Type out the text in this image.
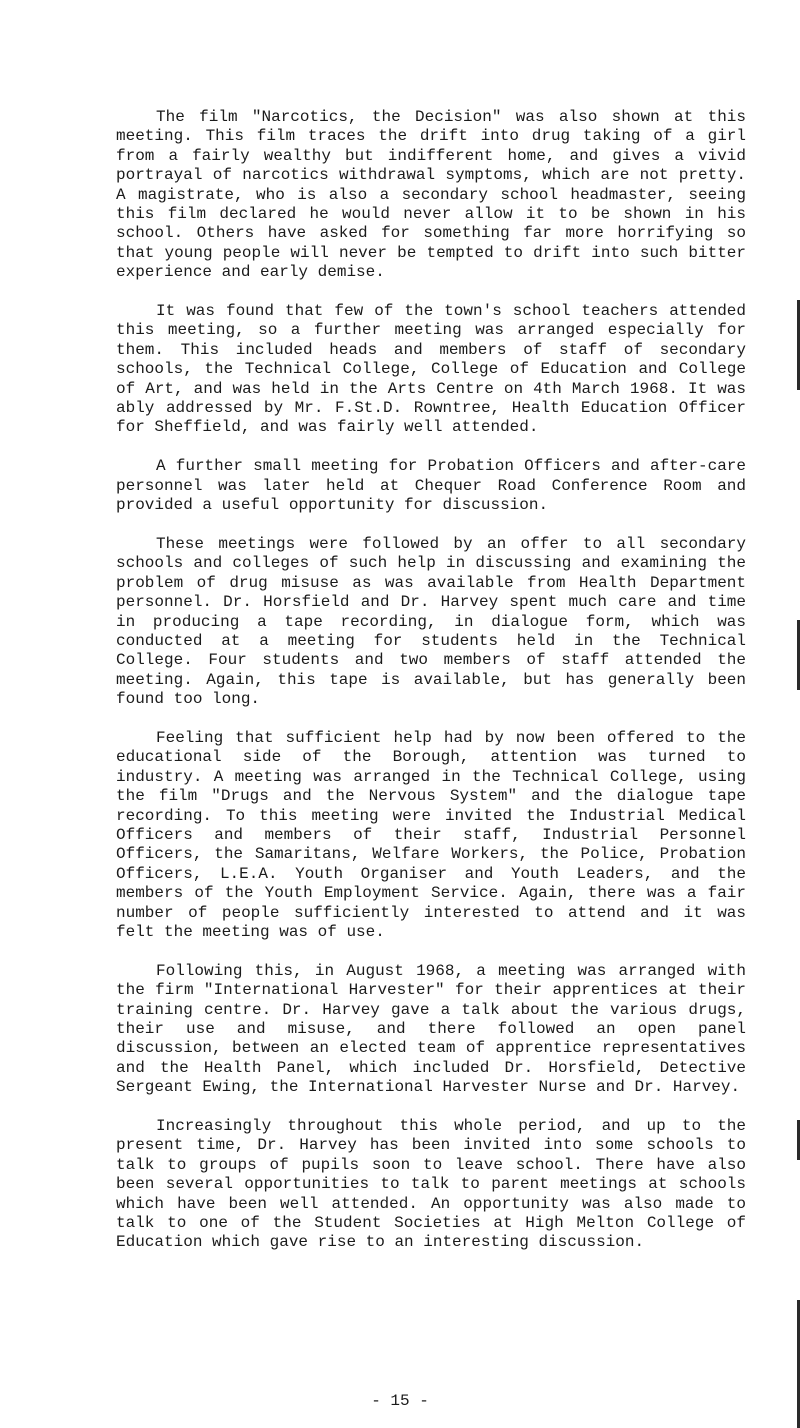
The film "Narcotics, the Decision" was also shown at this meeting. This film traces the drift into drug taking of a girl from a fairly wealthy but indifferent home, and gives a vivid portrayal of narcotics withdrawal symptoms, which are not pretty. A magistrate, who is also a secondary school headmaster, seeing this film declared he would never allow it to be shown in his school. Others have asked for something far more horrifying so that young people will never be tempted to drift into such bitter experience and early demise.

It was found that few of the town's school teachers attended this meeting, so a further meeting was arranged especially for them. This included heads and members of staff of secondary schools, the Technical College, College of Education and College of Art, and was held in the Arts Centre on 4th March 1968. It was ably addressed by Mr. F.St.D. Rowntree, Health Education Officer for Sheffield, and was fairly well attended.

A further small meeting for Probation Officers and after-care personnel was later held at Chequer Road Conference Room and provided a useful opportunity for discussion.

These meetings were followed by an offer to all secondary schools and colleges of such help in discussing and examining the problem of drug misuse as was available from Health Department personnel. Dr. Horsfield and Dr. Harvey spent much care and time in producing a tape recording, in dialogue form, which was conducted at a meeting for students held in the Technical College. Four students and two members of staff attended the meeting. Again, this tape is available, but has generally been found too long.

Feeling that sufficient help had by now been offered to the educational side of the Borough, attention was turned to industry. A meeting was arranged in the Technical College, using the film "Drugs and the Nervous System" and the dialogue tape recording. To this meeting were invited the Industrial Medical Officers and members of their staff, Industrial Personnel Officers, the Samaritans, Welfare Workers, the Police, Probation Officers, L.E.A. Youth Organiser and Youth Leaders, and the members of the Youth Employment Service. Again, there was a fair number of people sufficiently interested to attend and it was felt the meeting was of use.

Following this, in August 1968, a meeting was arranged with the firm "International Harvester" for their apprentices at their training centre. Dr. Harvey gave a talk about the various drugs, their use and misuse, and there followed an open panel discussion, between an elected team of apprentice representatives and the Health Panel, which included Dr. Horsfield, Detective Sergeant Ewing, the International Harvester Nurse and Dr. Harvey.

Increasingly throughout this whole period, and up to the present time, Dr. Harvey has been invited into some schools to talk to groups of pupils soon to leave school. There have also been several opportunities to talk to parent meetings at schools which have been well attended. An opportunity was also made to talk to one of the Student Societies at High Melton College of Education which gave rise to an interesting discussion.

- 15 -
